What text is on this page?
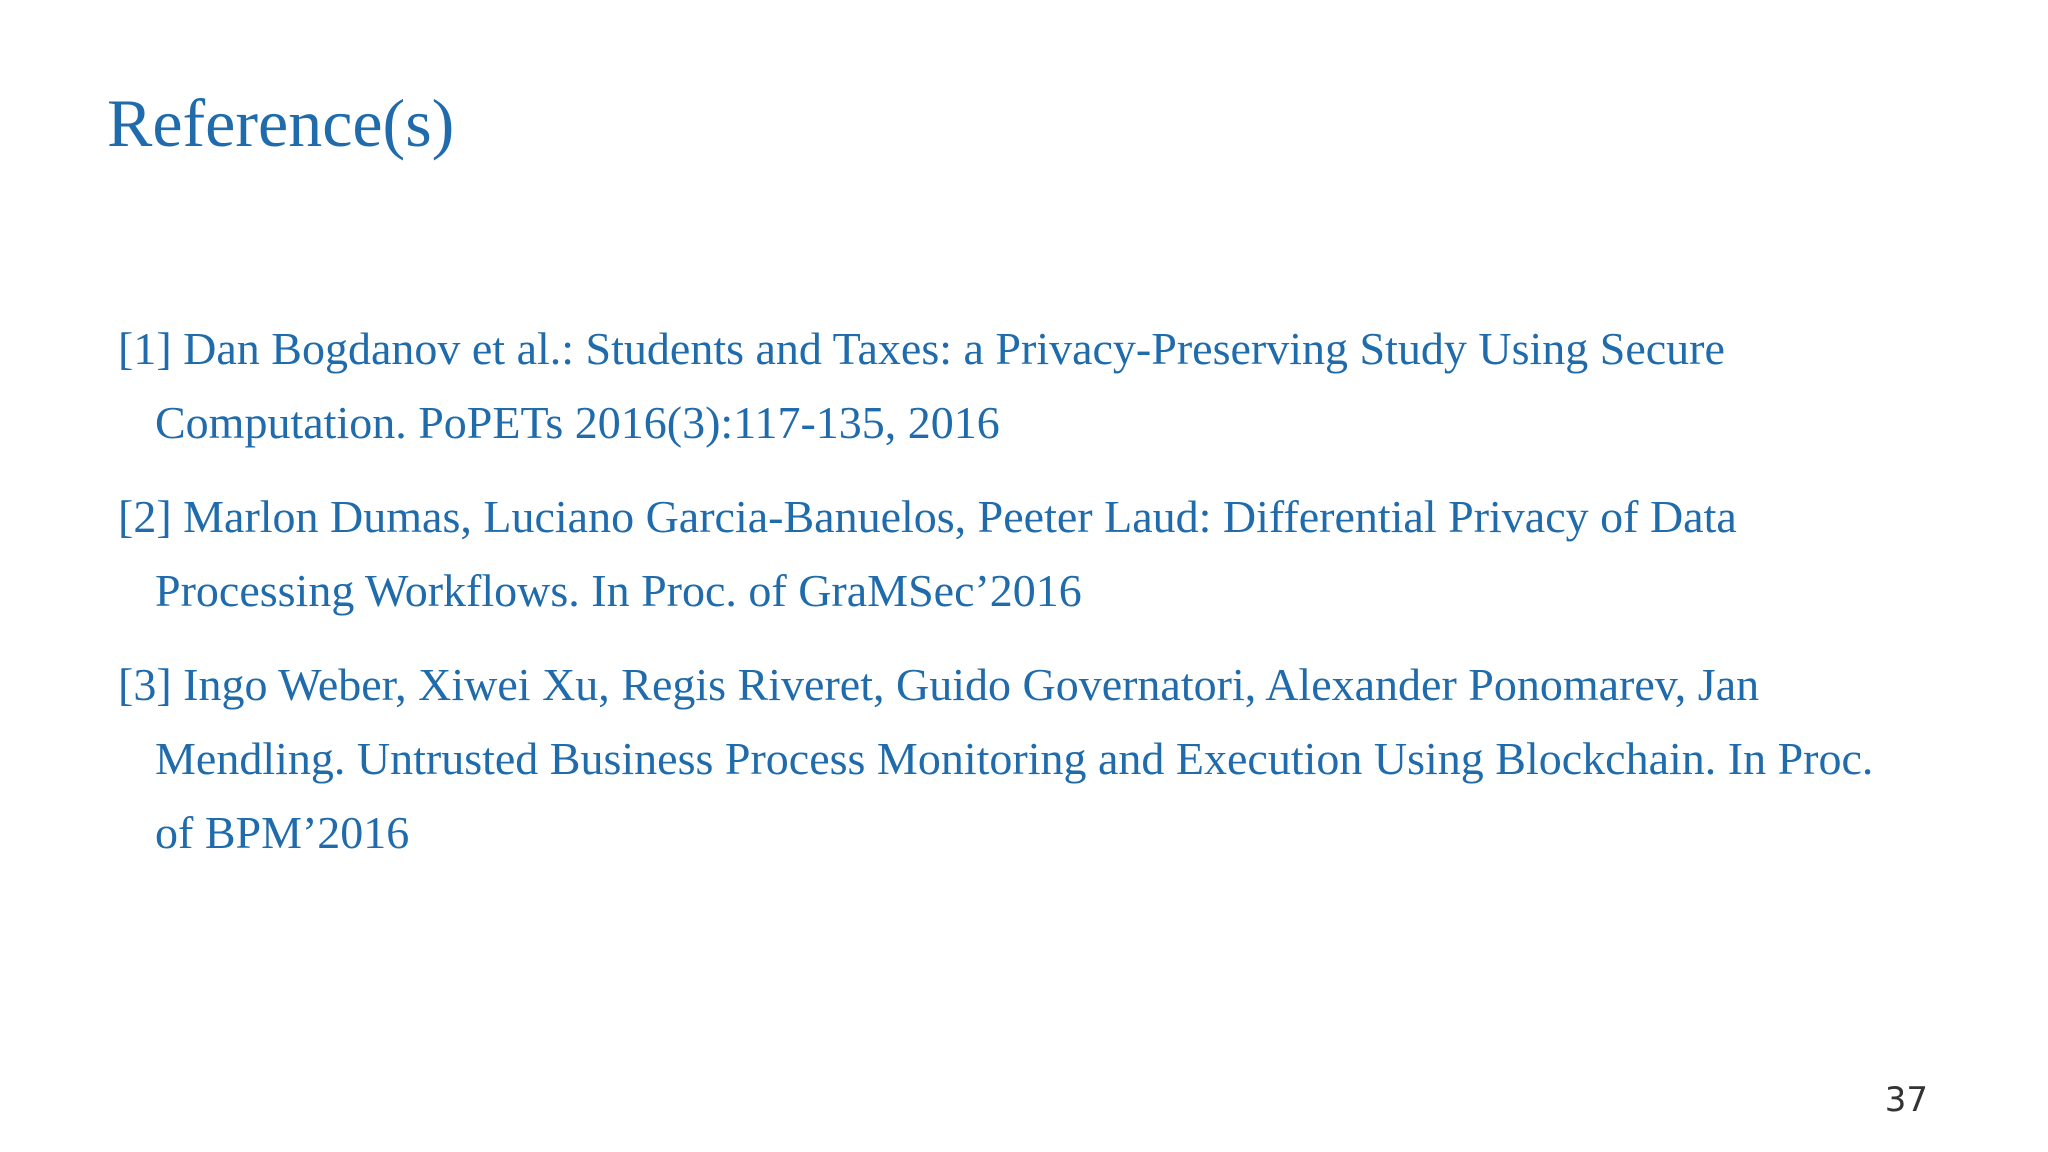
Reference(s)
[1] Dan Bogdanov et al.: Students and Taxes: a Privacy-Preserving Study Using Secure Computation. PoPETs 2016(3):117-135, 2016
[2] Marlon Dumas, Luciano Garcia-Banuelos, Peeter Laud: Differential Privacy of Data Processing Workflows. In Proc. of GraMSec’2016
[3] Ingo Weber, Xiwei Xu, Regis Riveret, Guido Governatori, Alexander Ponomarev, Jan Mendling. Untrusted Business Process Monitoring and Execution Using Blockchain. In Proc. of BPM’2016
37
